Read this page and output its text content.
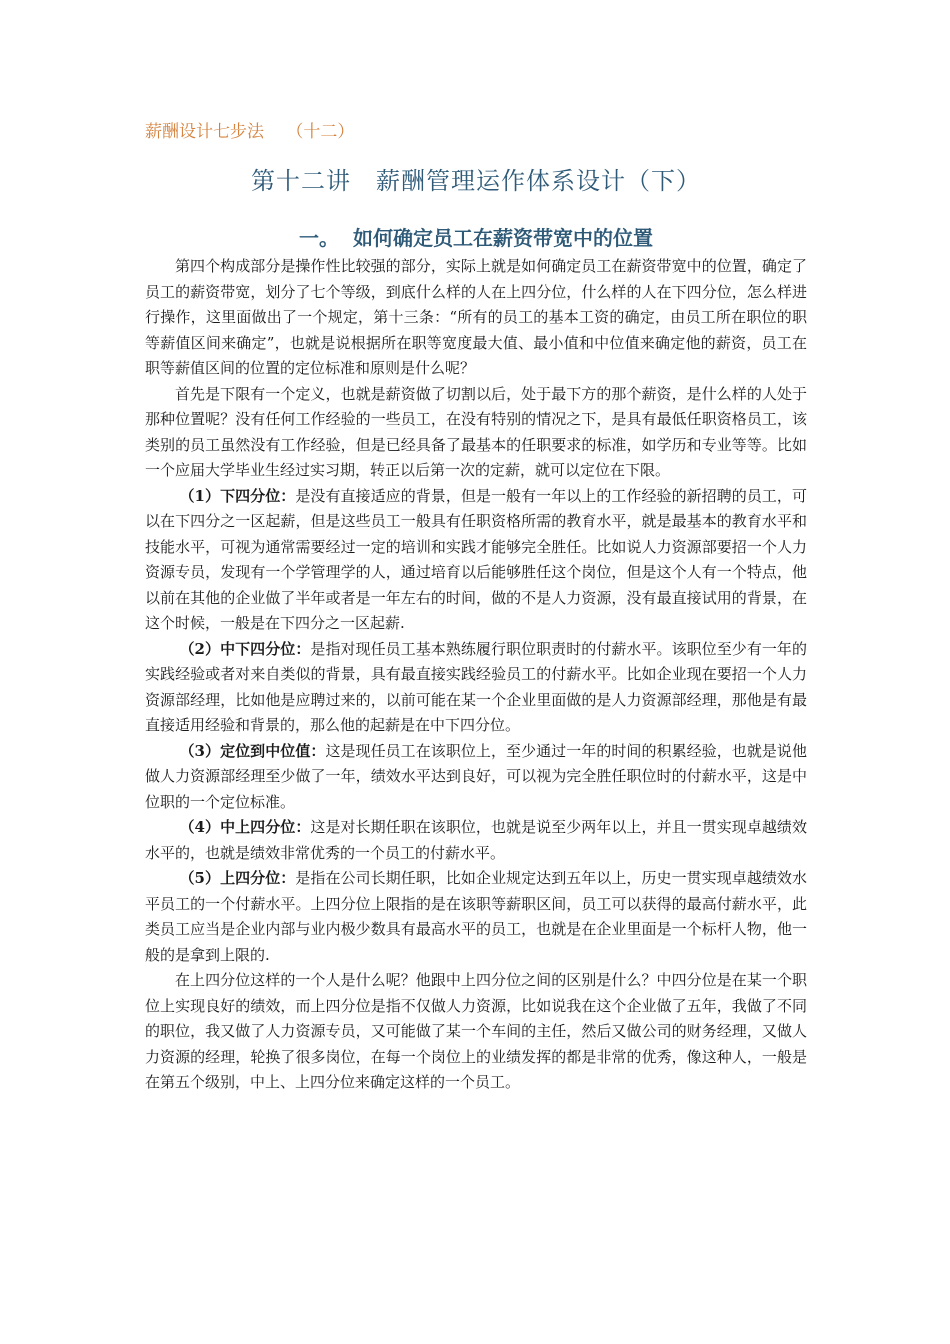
薪酬设计七步法　 （十二）
第十二讲　薪酬管理运作体系设计（下）
一。  如何确定员工在薪资带宽中的位置

第四个构成部分是操作性比较强的部分，实际上就是如何确定员工在薪资带宽中的位置，确定了员工的薪资带宽，划分了七个等级，到底什么样的人在上四分位，什么样的人在下四分位，怎么样进行操作，这里面做出了一个规定，第十三条：“所有的员工的基本工资的确定，由员工所在职位的职等薪值区间来确定”，也就是说根据所在职等宽度最大值、最小值和中位值来确定他的薪资，员工在职等薪值区间的位置的定位标准和原则是什么呢？

首先是下限有一个定义，也就是薪资做了切割以后，处于最下方的那个薪资，是什么样的人处于那种位置呢？没有任何工作经验的一些员工，在没有特别的情况之下，是具有最低任职资格员工，该类别的员工虽然没有工作经验，但是已经具备了最基本的任职要求的标准，如学历和专业等等。比如一个应届大学毕业生经过实习期，转正以后第一次的定薪，就可以定位在下限。

（1）下四分位：是没有直接适应的背景，但是一般有一年以上的工作经验的新招聘的员工，可以在下四分之一区起薪，但是这些员工一般具有任职资格所需的教育水平，就是最基本的教育水平和技能水平，可视为通常需要经过一定的培训和实践才能够完全胜任。比如说人力资源部要招一个人力资源专员，发现有一个学管理学的人，通过培育以后能够胜任这个岗位，但是这个人有一个特点，他以前在其他的企业做了半年或者是一年左右的时间，做的不是人力资源，没有最直接试用的背景，在这个时候，一般是在下四分之一区起薪.

（2）中下四分位：是指对现任员工基本熟练履行职位职责时的付薪水平。该职位至少有一年的实践经验或者对来自类似的背景，具有最直接实践经验员工的付薪水平。比如企业现在要招一个人力资源部经理，比如他是应聘过来的，以前可能在某一个企业里面做的是人力资源部经理，那他是有最直接适用经验和背景的，那么他的起薪是在中下四分位。

（3）定位到中位值：这是现任员工在该职位上，至少通过一年的时间的积累经验，也就是说他做人力资源部经理至少做了一年，绩效水平达到良好，可以视为完全胜任职位时的付薪水平，这是中位职的一个定位标准。

（4）中上四分位：这是对长期任职在该职位，也就是说至少两年以上，并且一贯实现卓越绩效水平的，也就是绩效非常优秀的一个员工的付薪水平。

（5）上四分位：是指在公司长期任职，比如企业规定达到五年以上，历史一贯实现卓越绩效水平员工的一个付薪水平。上四分位上限指的是在该职等薪职区间，员工可以获得的最高付薪水平，此类员工应当是企业内部与业内极少数具有最高水平的员工，也就是在企业里面是一个标杆人物，他一般的是拿到上限的.

在上四分位这样的一个人是什么呢？他跟中上四分位之间的区别是什么？中四分位是在某一个职位上实现良好的绩效，而上四分位是指不仅做人力资源，比如说我在这个企业做了五年，我做了不同的职位，我又做了人力资源专员，又可能做了某一个车间的主任，然后又做公司的财务经理，又做人力资源的经理，轮换了很多岗位，在每一个岗位上的业绩发挥的都是非常的优秀，像这种人，一般是在第五个级别，中上、上四分位来确定这样的一个员工。
